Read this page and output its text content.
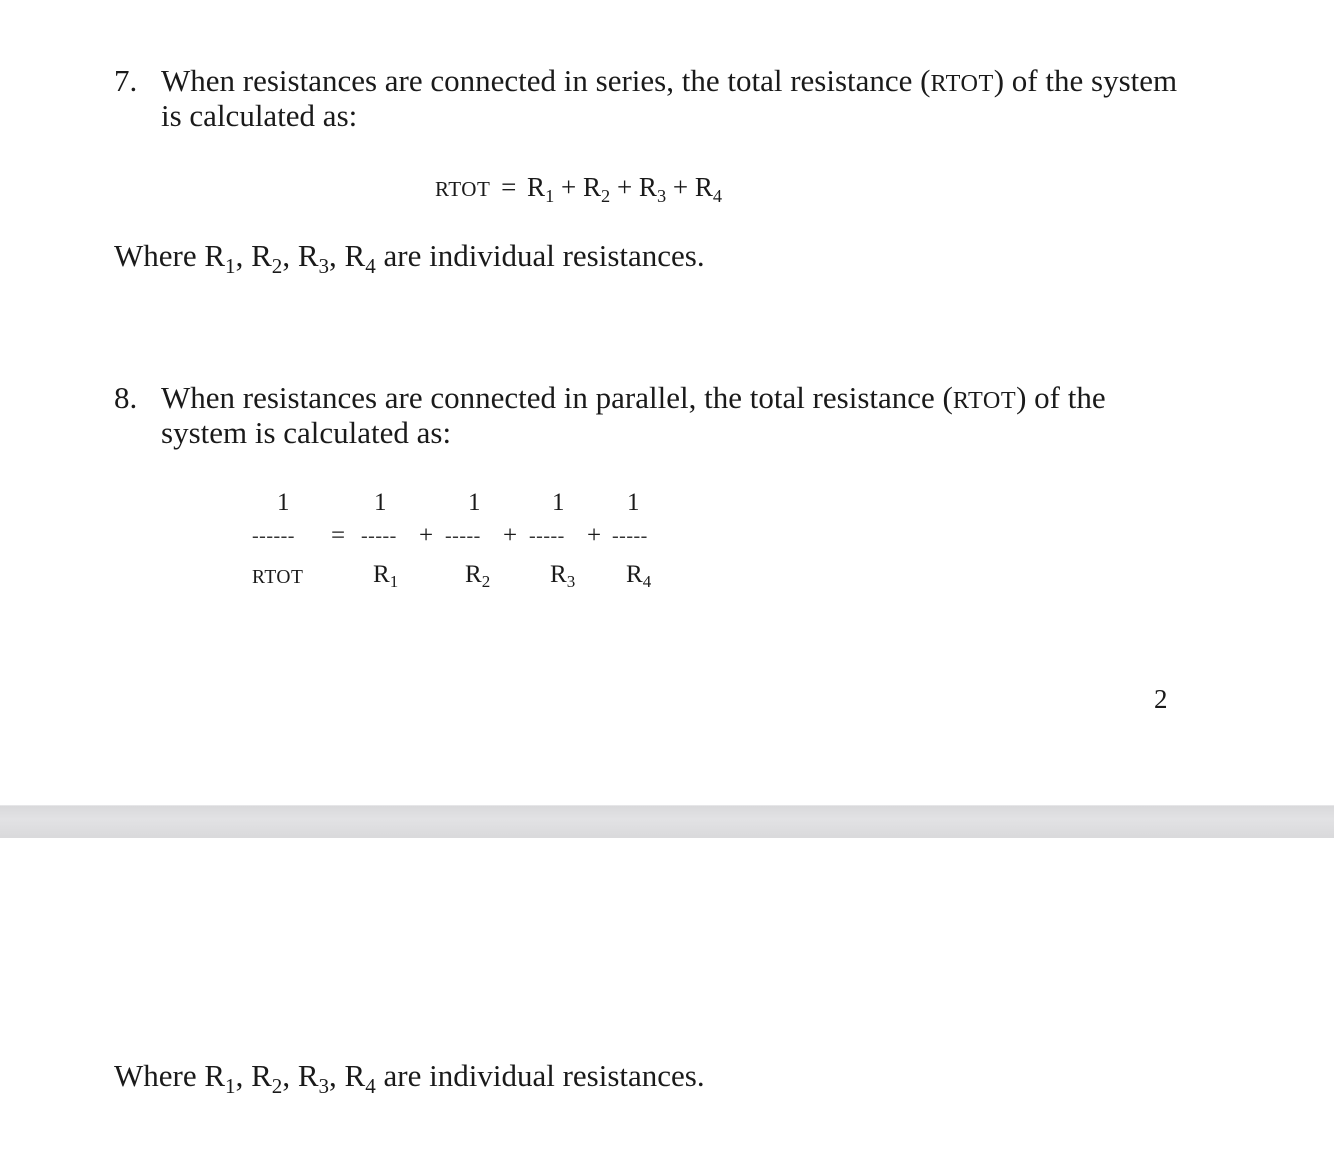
7. When resistances are connected in series, the total resistance (RTOT) of the system
is calculated as:
RTOT = $R_1 + R_2 + R_3 + R_4$
Where $R_1$, $R_2$, $R_3$, $R_4$ are individual resistances.
8. When resistances are connected in parallel, the total resistance (RTOT) of the
system is calculated as:
1	1	1	1	1
------ = ----- + ----- + ----- + -----
RTOT	$R_1$	$R_2$ $R_3$ $R_4$
2
Where $R_1$, $R_2$, $R_3$, $R_4$ are individual resistances.
